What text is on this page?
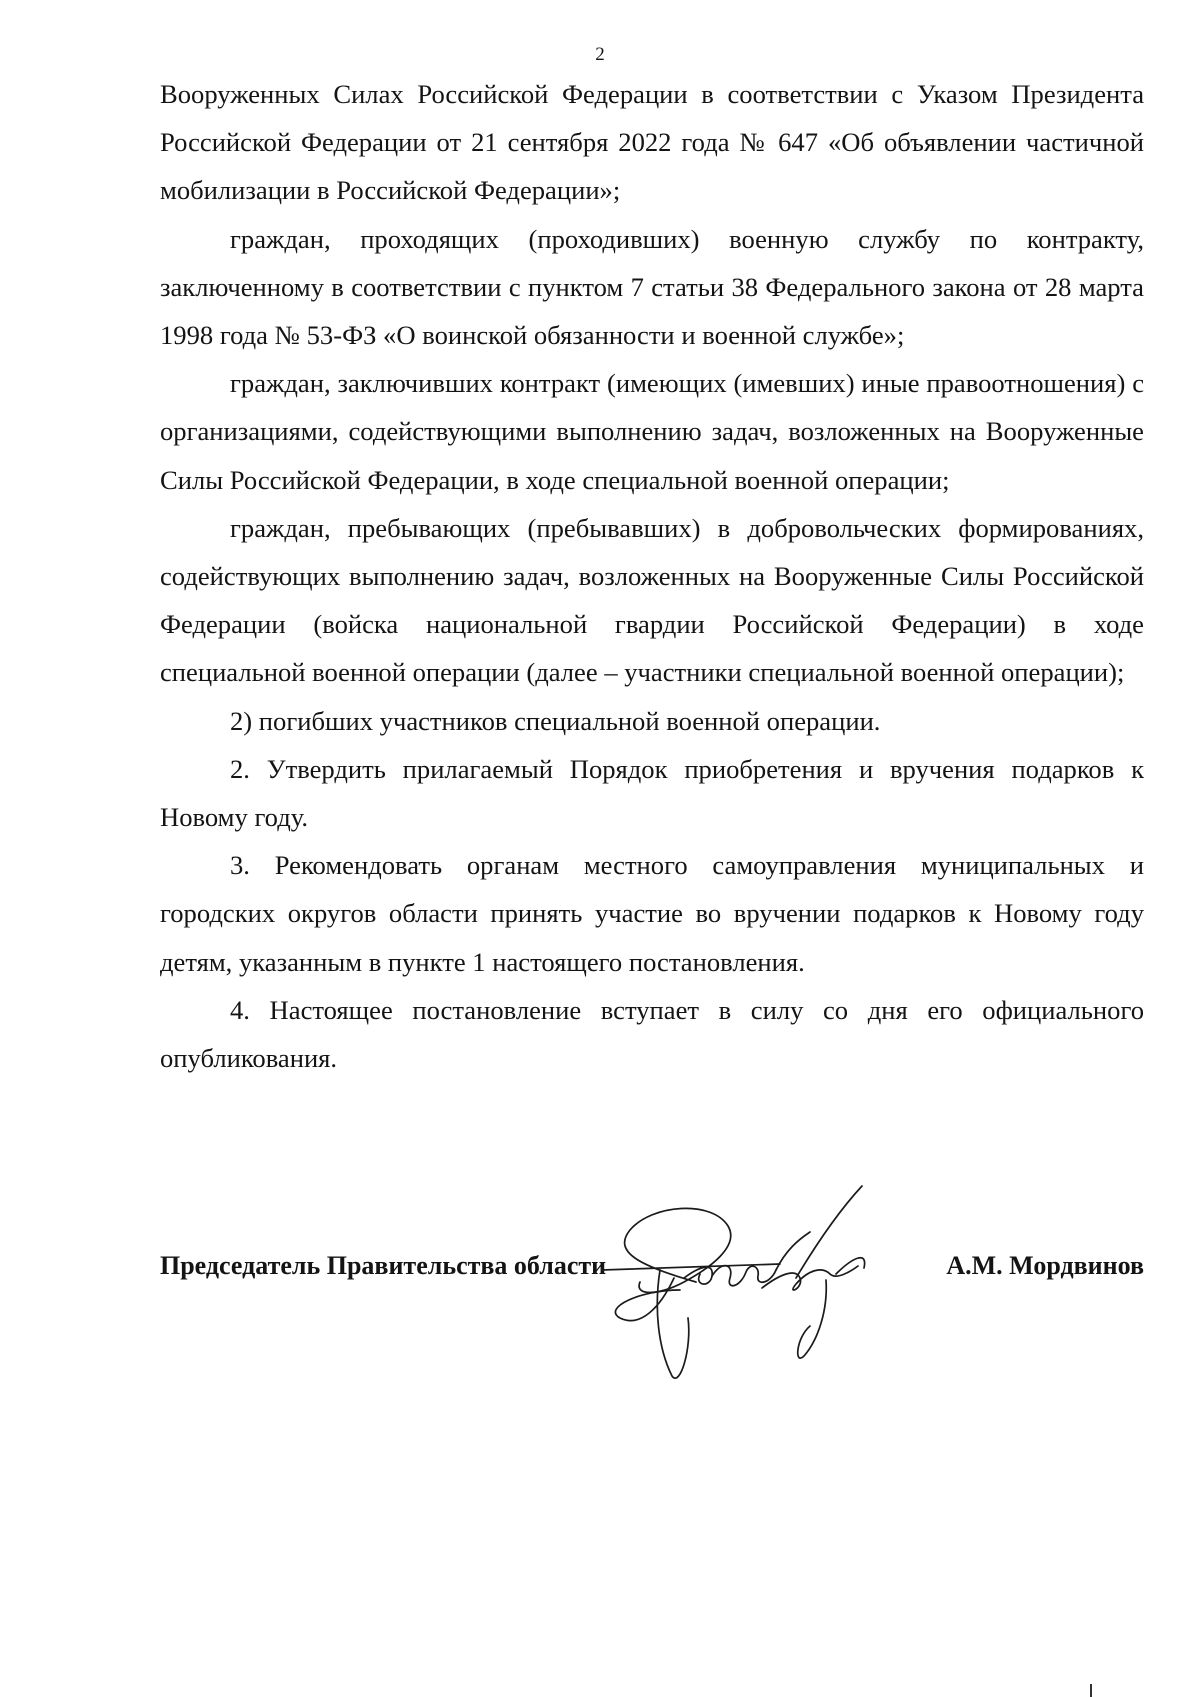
2

Вооруженных Силах Российской Федерации в соответствии с Указом Президента Российской Федерации от 21 сентября 2022 года № 647 «Об объявлении частичной мобилизации в Российской Федерации»;

граждан, проходящих (проходивших) военную службу по контракту, заключенному в соответствии с пунктом 7 статьи 38 Федерального закона от 28 марта 1998 года № 53-ФЗ «О воинской обязанности и военной службе»;

граждан, заключивших контракт (имеющих (имевших) иные правоотношения) с организациями, содействующими выполнению задач, возложенных на Вооруженные Силы Российской Федерации, в ходе специальной военной операции;

граждан, пребывающих (пребывавших) в добровольческих формированиях, содействующих выполнению задач, возложенных на Вооруженные Силы Российской Федерации (войска национальной гвардии Российской Федерации) в ходе специальной военной операции (далее – участники специальной военной операции);

2) погибших участников специальной военной операции.

2. Утвердить прилагаемый Порядок приобретения и вручения подарков к Новому году.

3. Рекомендовать органам местного самоуправления муниципальных и городских округов области принять участие во вручении подарков к Новому году детям, указанным в пункте 1 настоящего постановления.

4. Настоящее постановление вступает в силу со дня его официального опубликования.

Председатель Правительства области	А.М. Мордвинов
